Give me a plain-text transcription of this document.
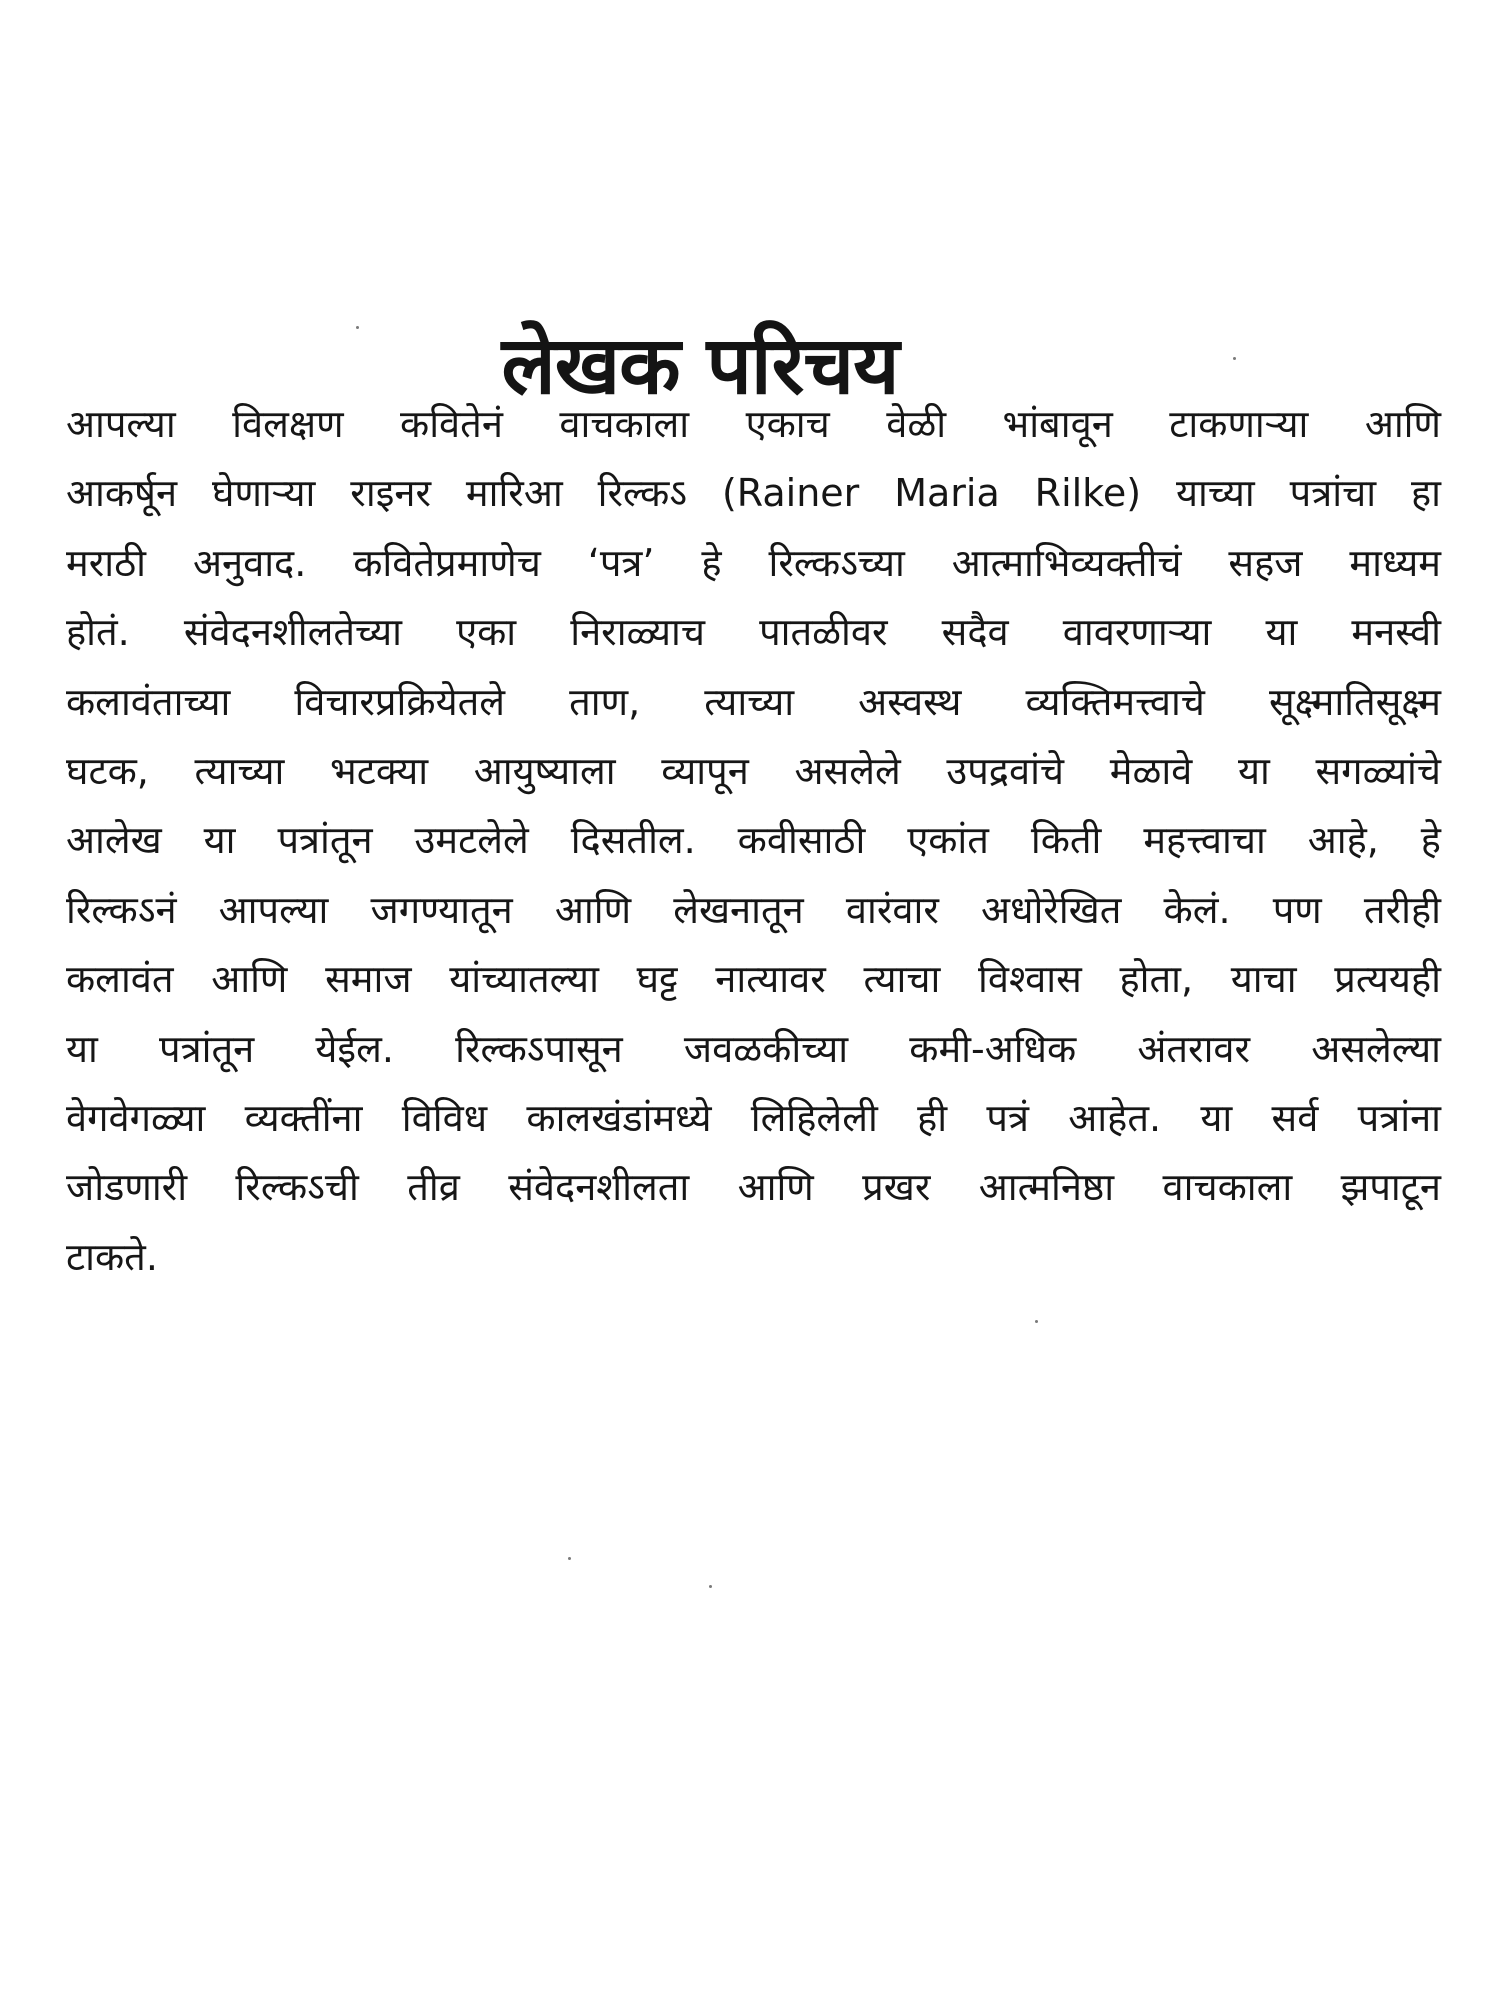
लेखक परिचय
आपल्या विलक्षण कवितेनं वाचकाला एकाच वेळी भांबावून टाकणाऱ्या आणि
आकर्षून घेणाऱ्या राइनर मारिआ रिल्कऽ (Rainer Maria Rilke) याच्या पत्रांचा हा
मराठी अनुवाद. कवितेप्रमाणेच ‘पत्र’ हे रिल्कऽच्या आत्माभिव्यक्तीचं सहज माध्यम
होतं. संवेदनशीलतेच्या एका निराळ्याच पातळीवर सदैव वावरणाऱ्या या मनस्वी
कलावंताच्या विचारप्रक्रियेतले ताण, त्याच्या अस्वस्थ व्यक्तिमत्त्वाचे सूक्ष्मातिसूक्ष्म
घटक, त्याच्या भटक्या आयुष्याला व्यापून असलेले उपद्रवांचे मेळावे या सगळ्यांचे
आलेख या पत्रांतून उमटलेले दिसतील. कवीसाठी एकांत किती महत्त्वाचा आहे, हे
रिल्कऽनं आपल्या जगण्यातून आणि लेखनातून वारंवार अधोरेखित केलं. पण तरीही
कलावंत आणि समाज यांच्यातल्या घट्ट नात्यावर त्याचा विश्वास होता, याचा प्रत्ययही
या पत्रांतून येईल. रिल्कऽपासून जवळकीच्या कमी-अधिक अंतरावर असलेल्या
वेगवेगळ्या व्यक्तींना विविध कालखंडांमध्ये लिहिलेली ही पत्रं आहेत. या सर्व पत्रांना
जोडणारी रिल्कऽची तीव्र संवेदनशीलता आणि प्रखर आत्मनिष्ठा वाचकाला झपाटून
टाकते.
